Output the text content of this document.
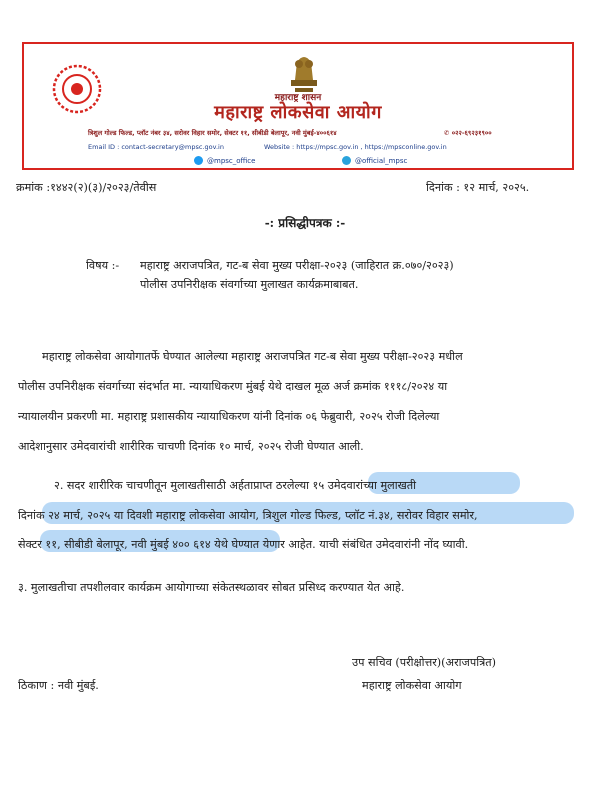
महाराष्ट्र शासन
महाराष्ट्र लोकसेवा आयोग
त्रिशुल गोल्ड फिल्ड, प्लॉट नंबर ३४, सरोवर विहार समोर, सेक्टर ११, सीबीडी बेलापूर, नवी मुंबई-४००६१४	✆ ०२२-६९२३१९००
Email ID : contact-secretary@mpsc.gov.in	Website : https://mpsc.gov.in , https://mpsconline.gov.in
@mpsc_office	@official_mpsc
क्रमांक :१४४२(२)(३)/२०२३/तेवीस	दिनांक : १२ मार्च, २०२५.
-: प्रसिद्धीपत्रक :-
विषय :- महाराष्ट्र अराजपत्रित, गट-ब सेवा मुख्य परीक्षा-२०२३ (जाहिरात क्र.०७०/२०२३)
पोलीस उपनिरीक्षक संवर्गाच्या मुलाखत कार्यक्रमाबाबत.
महाराष्ट्र लोकसेवा आयोगातर्फे घेण्यात आलेल्या महाराष्ट्र अराजपत्रित गट-ब सेवा मुख्य परीक्षा-२०२३ मधील
पोलीस उपनिरीक्षक संवर्गाच्या संदर्भात मा. न्यायाधिकरण मुंबई येथे दाखल मूळ अर्ज क्रमांक १११८/२०२४ या
न्यायालयीन प्रकरणी मा. महाराष्ट्र प्रशासकीय न्यायाधिकरण यांनी दिनांक ०६ फेब्रुवारी, २०२५ रोजी दिलेल्या
आदेशानुसार उमेदवारांची शारीरिक चाचणी दिनांक १० मार्च, २०२५ रोजी घेण्यात आली.
२. सदर शारीरिक चाचणीतून मुलाखतीसाठी अर्हताप्राप्त ठरलेल्या १५ उमेदवारांच्या मुलाखती
दिनांक २४ मार्च, २०२५ या दिवशी महाराष्ट्र लोकसेवा आयोग, त्रिशुल गोल्ड फिल्ड, प्लॉट नं.३४, सरोवर विहार समोर,
सेक्टर ११, सीबीडी बेलापूर, नवी मुंबई ४०० ६१४ येथे घेण्यात येणार आहेत. याची संबंधित उमेदवारांनी नोंद घ्यावी.
३. मुलाखतीचा तपशीलवार कार्यक्रम आयोगाच्या संकेतस्थळावर सोबत प्रसिध्द करण्यात येत आहे.
उप सचिव (परीक्षोत्तर)(अराजपत्रित)
ठिकाण : नवी मुंबई.	महाराष्ट्र लोकसेवा आयोग
